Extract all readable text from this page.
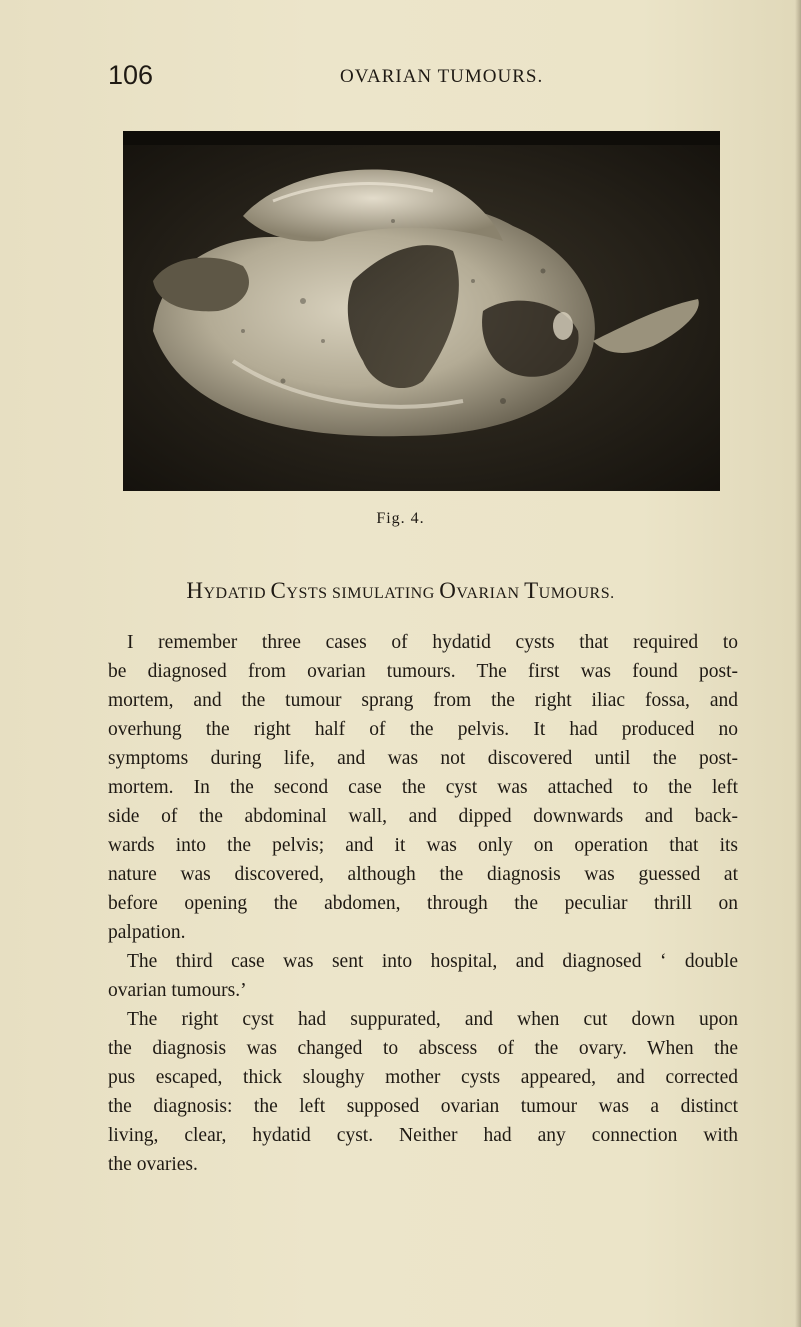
106	OVARIAN TUMOURS.
Fig. 4.
HYDATID CYSTS SIMULATING OVARIAN TUMOURS.
I remember three cases of hydatid cysts that required to
be diagnosed from ovarian tumours. The first was found post-
mortem, and the tumour sprang from the right iliac fossa, and
overhung the right half of the pelvis. It had produced no
symptoms during life, and was not discovered until the post-
mortem. In the second case the cyst was attached to the left
side of the abdominal wall, and dipped downwards and back-
wards into the pelvis; and it was only on operation that its
nature was discovered, although the diagnosis was guessed at
before opening the abdomen, through the peculiar thrill on
palpation.
The third case was sent into hospital, and diagnosed ‘ double
ovarian tumours.’
The right cyst had suppurated, and when cut down upon
the diagnosis was changed to abscess of the ovary. When the
pus escaped, thick sloughy mother cysts appeared, and corrected
the diagnosis: the left supposed ovarian tumour was a distinct
living, clear, hydatid cyst. Neither had any connection with
the ovaries.
